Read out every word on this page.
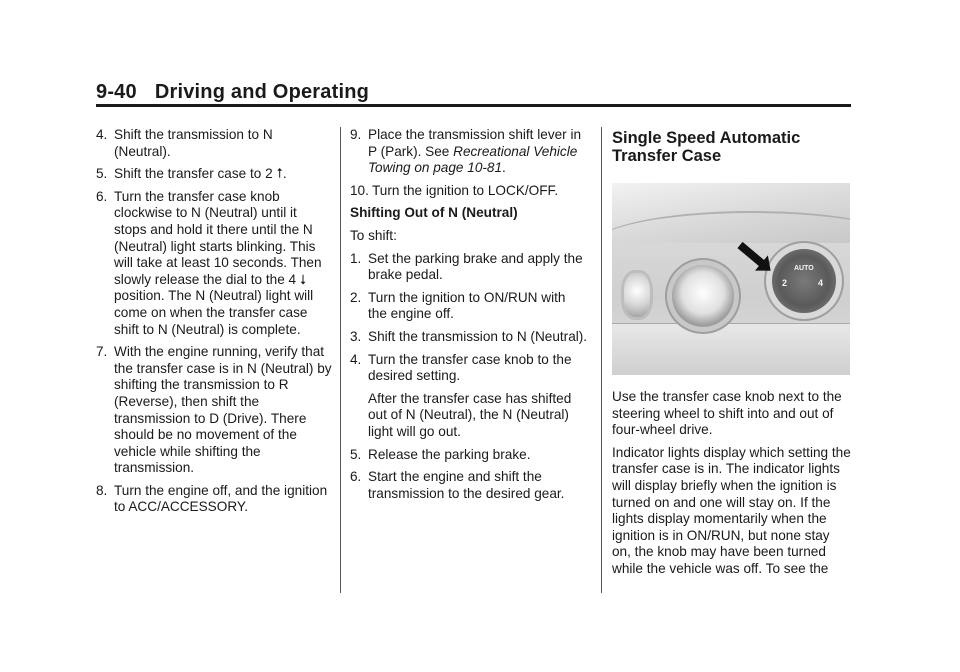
9-40 Driving and Operating
4. Shift the transmission to N (Neutral).

5. Shift the transfer case to 2 ⭡.

6. Turn the transfer case knob clockwise to N (Neutral) until it stops and hold it there until the N (Neutral) light starts blinking. This will take at least 10 seconds. Then slowly release the dial to the 4 ⭣ position. The N (Neutral) light will come on when the transfer case shift to N (Neutral) is complete.

7. With the engine running, verify that the transfer case is in N (Neutral) by shifting the transmission to R (Reverse), then shift the transmission to D (Drive). There should be no movement of the vehicle while shifting the transmission.

8. Turn the engine off, and the ignition to ACC/ACCESSORY.

9. Place the transmission shift lever in P (Park). See Recreational Vehicle Towing on page 10-81.

10. Turn the ignition to LOCK/OFF.

Shifting Out of N (Neutral)
To shift:
1. Set the parking brake and apply the brake pedal.

2. Turn the ignition to ON/RUN with the engine off.

3. Shift the transmission to N (Neutral).

4. Turn the transfer case knob to the desired setting.

After the transfer case has shifted out of N (Neutral), the N (Neutral) light will go out.
5. Release the parking brake.

6. Start the engine and shift the transmission to the desired gear.

Single Speed Automatic
Transfer Case
AUTO
2	4
Use the transfer case knob next to the steering wheel to shift into and out of four-wheel drive.
Indicator lights display which setting the transfer case is in. The indicator lights will display briefly when the ignition is turned on and one will stay on. If the lights display momentarily when the ignition is in ON/RUN, but none stay on, the knob may have been turned while the vehicle was off. To see the
